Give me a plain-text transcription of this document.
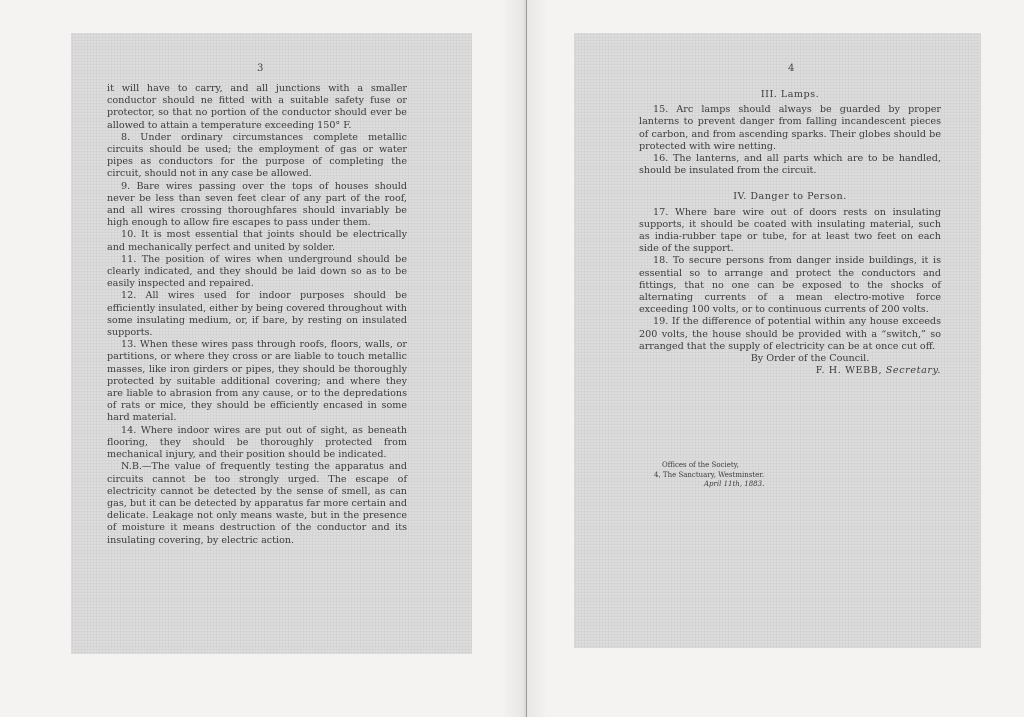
3

it will have to carry, and all junctions with a smaller conductor should ne fitted with a suitable safety fuse or protector, so that no portion of the conductor should ever be allowed to attain a temperature exceeding 150° F.

8. Under ordinary circumstances complete metallic circuits should be used; the employment of gas or water pipes as conductors for the purpose of completing the circuit, should not in any case be allowed.

9. Bare wires passing over the tops of houses should never be less than seven feet clear of any part of the roof, and all wires crossing thoroughfares should invariably be high enough to allow fire escapes to pass under them.

10. It is most essential that joints should be electrically and mechanically perfect and united by solder.

11. The position of wires when underground should be clearly indicated, and they should be laid down so as to be easily inspected and repaired.

12. All wires used for indoor purposes should be efficiently insulated, either by being covered throughout with some insulating medium, or, if bare, by resting on insulated supports.

13. When these wires pass through roofs, floors, walls, or partitions, or where they cross or are liable to touch metallic masses, like iron girders or pipes, they should be thoroughly protected by suitable additional covering; and where they are liable to abrasion from any cause, or to the depredations of rats or mice, they should be efficiently encased in some hard material.

14. Where indoor wires are put out of sight, as beneath flooring, they should be thoroughly protected from mechanical injury, and their position should be indicated.

N.B.—The value of frequently testing the apparatus and circuits cannot be too strongly urged. The escape of electricity cannot be detected by the sense of smell, as can gas, but it can be detected by apparatus far more certain and delicate. Leakage not only means waste, but in the presence of moisture it means destruction of the conductor and its insulating covering, by electric action.

4

III. Lamps.

15. Arc lamps should always be guarded by proper lanterns to prevent danger from falling incandescent pieces of carbon, and from ascending sparks. Their globes should be protected with wire netting.

16. The lanterns, and all parts which are to be handled, should be insulated from the circuit.

IV. Danger to Person.

17. Where bare wire out of doors rests on insulating supports, it should be coated with insulating material, such as india-rubber tape or tube, for at least two feet on each side of the support.

18. To secure persons from danger inside buildings, it is essential so to arrange and protect the conductors and fittings, that no one can be exposed to the shocks of alternating currents of a mean electro-motive force exceeding 100 volts, or to continuous currents of 200 volts.

19. If the difference of potential within any house exceeds 200 volts, the house should be provided with a “switch,” so arranged that the supply of electricity can be at once cut off.

By Order of the Council.

F. H. WEBB, Secretary.

Offices of the Society,
4, The Sanctuary, Westminster.
April 11th, 1883.
